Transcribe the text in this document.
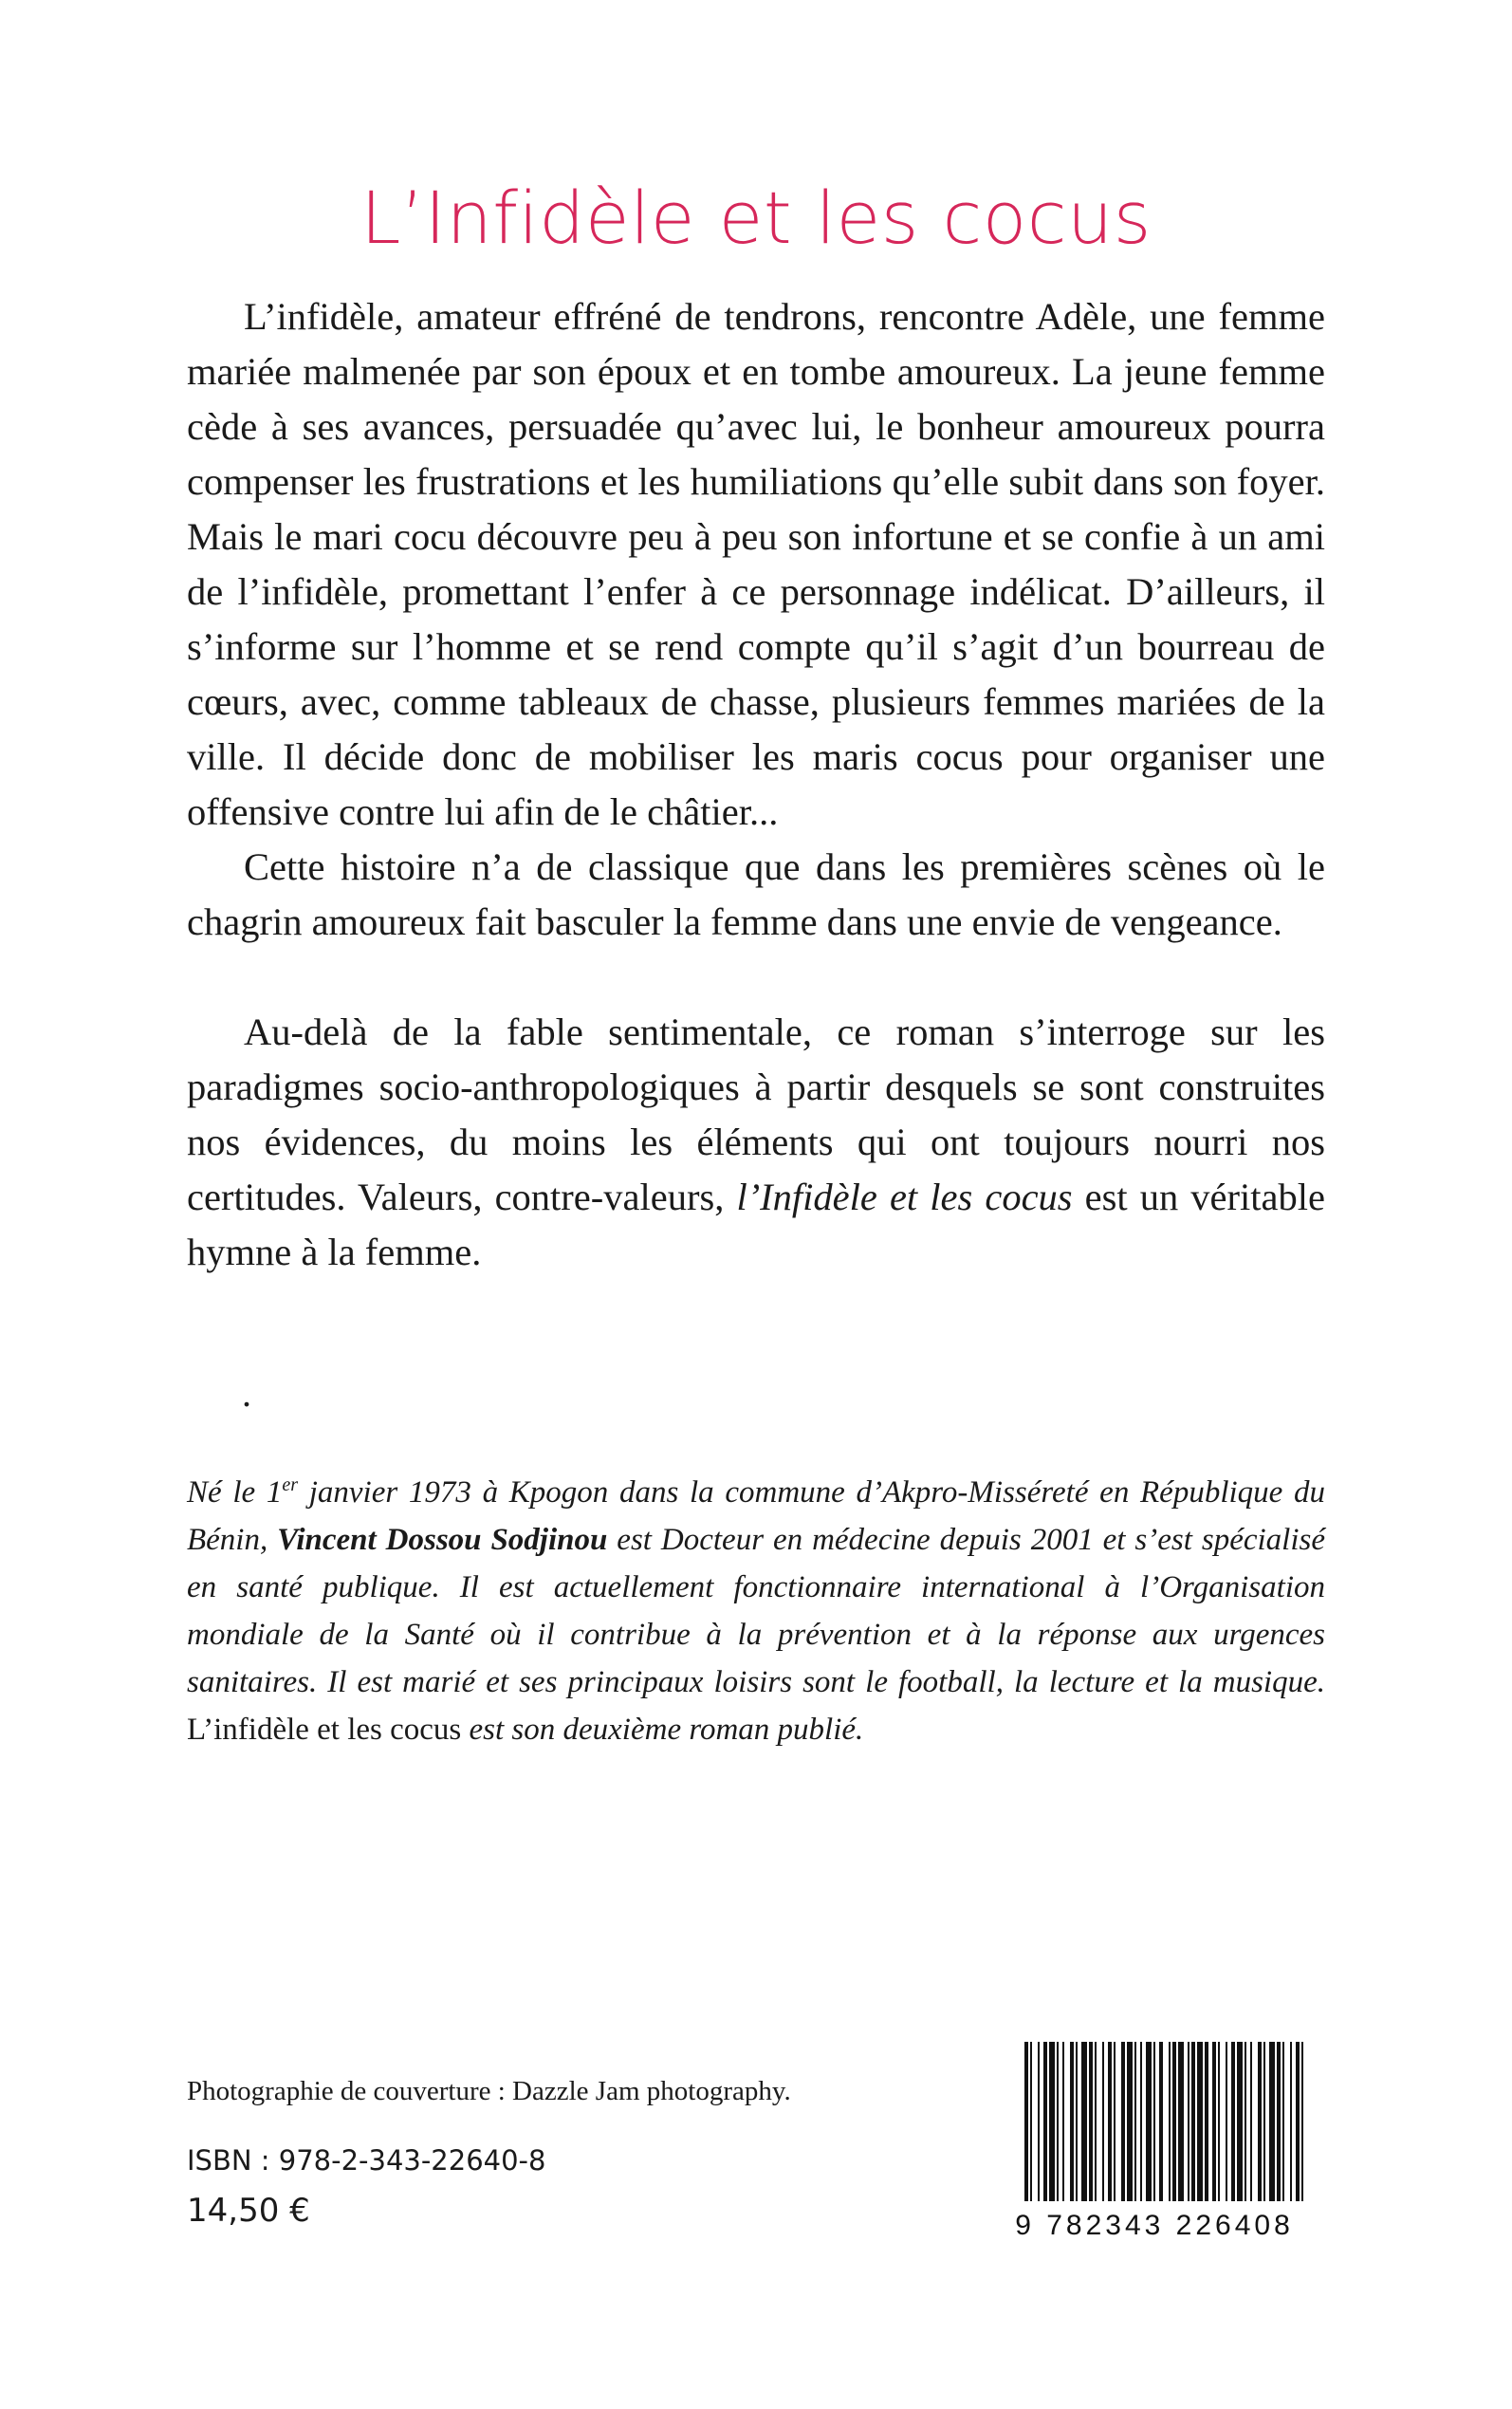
L’Infidèle et les cocus

L’infidèle, amateur effréné de tendrons, rencontre Adèle, une femme mariée malmenée par son époux et en tombe amoureux. La jeune femme cède à ses avances, persuadée qu’avec lui, le bonheur amoureux pourra compenser les frustrations et les humiliations qu’elle subit dans son foyer. Mais le mari cocu découvre peu à peu son infortune et se confie à un ami de l’infidèle, promettant l’enfer à ce personnage indélicat. D’ailleurs, il s’informe sur l’homme et se rend compte qu’il s’agit d’un bourreau de cœurs, avec, comme tableaux de chasse, plusieurs femmes mariées de la ville. Il décide donc de mobiliser les maris cocus pour organiser une offensive contre lui afin de le châtier...

Cette histoire n’a de classique que dans les premières scènes où le chagrin amoureux fait basculer la femme dans une envie de vengeance.

Au-delà de la fable sentimentale, ce roman s’interroge sur les paradigmes socio-anthropologiques à partir desquels se sont construites nos évidences, du moins les éléments qui ont toujours nourri nos certitudes. Valeurs, contre-valeurs, l’Infidèle et les cocus est un véritable hymne à la femme.

.

Né le 1er janvier 1973 à Kpogon dans la commune d’Akpro-Misséreté en République du Bénin, Vincent Dossou Sodjinou est Docteur en médecine depuis 2001 et s’est spécialisé en santé publique. Il est actuellement fonctionnaire international à l’Organisation mondiale de la Santé où il contribue à la prévention et à la réponse aux urgences sanitaires. Il est marié et ses principaux loisirs sont le football, la lecture et la musique. L’infidèle et les cocus est son deuxième roman publié.

Photographie de couverture : Dazzle Jam photography.
ISBN : 978-2-343-22640-8
14,50 €	9 782343 226408
